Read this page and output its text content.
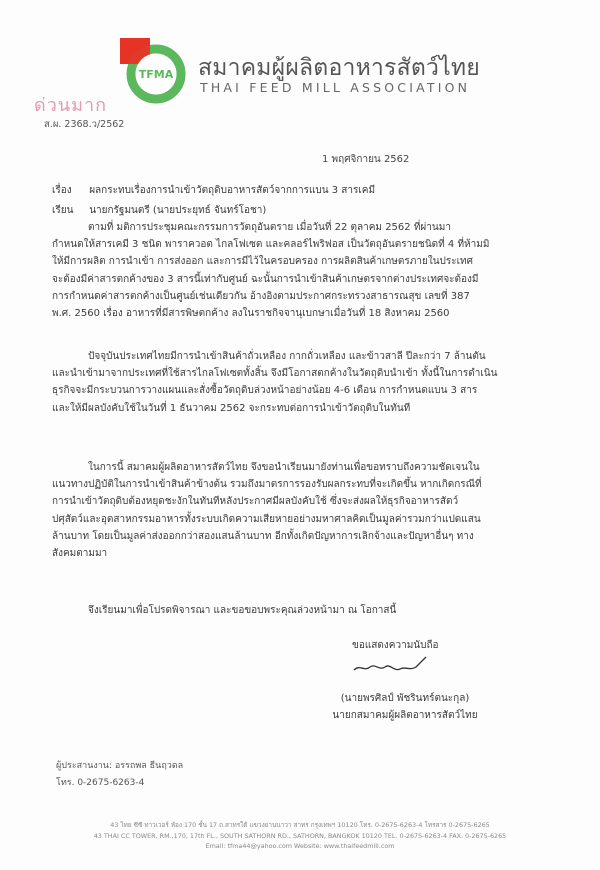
TFMA สมาคมผู้ผลิตอาหารสัตว์ไทย
THAI FEED MILL ASSOCIATION
ด่วนมาก
ส.ผ. 2368.ว/2562
1 พฤศจิกายน 2562
เรื่อง ผลกระทบเรื่องการนำเข้าวัตถุดิบอาหารสัตว์จากการแบน 3 สารเคมี
เรียน นายกรัฐมนตรี (นายประยุทธ์ จันทร์โอชา)
ตามที่ มติการประชุมคณะกรรมการวัตถุอันตราย เมื่อวันที่ 22 ตุลาคม 2562 ที่ผ่านมา
กำหนดให้สารเคมี 3 ชนิด พาราควอต ไกลโฟเซต และคลอร์ไพริฟอส เป็นวัตถุอันตรายชนิดที่ 4 ที่ห้ามมิ
ให้มีการผลิต การนำเข้า การส่งออก และการมีไว้ในครอบครอง การผลิตสินค้าเกษตรภายในประเทศ
จะต้องมีค่าสารตกค้างของ 3 สารนี้เท่ากับศูนย์ ฉะนั้นการนำเข้าสินค้าเกษตรจากต่างประเทศจะต้องมี
การกำหนดค่าสารตกค้างเป็นศูนย์เช่นเดียวกัน อ้างอิงตามประกาศกระทรวงสาธารณสุข เลขที่ 387
พ.ศ. 2560 เรื่อง อาหารที่มีสารพิษตกค้าง ลงในราชกิจจานุเบกษาเมื่อวันที่ 18 สิงหาคม 2560
ปัจจุบันประเทศไทยมีการนำเข้าสินค้าถั่วเหลือง กากถั่วเหลือง และข้าวสาลี ปีละกว่า 7 ล้านตัน
และนำเข้ามาจากประเทศที่ใช้สารไกลโฟเซตทั้งสิ้น จึงมีโอกาสตกค้างในวัตถุดิบนำเข้า ทั้งนี้ในการดำเนิน
ธุรกิจจะมีกระบวนการวางแผนและสั่งซื้อวัตถุดิบล่วงหน้าอย่างน้อย 4-6 เดือน การกำหนดแบน 3 สาร
และให้มีผลบังคับใช้ในวันที่ 1 ธันวาคม 2562 จะกระทบต่อการนำเข้าวัตถุดิบในทันที
ในการนี้ สมาคมผู้ผลิตอาหารสัตว์ไทย จึงขอนำเรียนมายังท่านเพื่อขอทราบถึงความชัดเจนใน
แนวทางปฏิบัติในการนำเข้าสินค้าข้างต้น รวมถึงมาตรการรองรับผลกระทบที่จะเกิดขึ้น หากเกิดกรณีที่
การนำเข้าวัตถุดิบต้องหยุดชะงักในทันทีหลังประกาศมีผลบังคับใช้ ซึ่งจะส่งผลให้ธุรกิจอาหารสัตว์
ปศุสัตว์และอุตสาหกรรมอาหารทั้งระบบเกิดความเสียหายอย่างมหาศาลคิดเป็นมูลค่ารวมกว่าแปดแสน
ล้านบาท โดยเป็นมูลค่าส่งออกกว่าสองแสนล้านบาท อีกทั้งเกิดปัญหาการเลิกจ้างและปัญหาอื่นๆ ทาง
สังคมตามมา
จึงเรียนมาเพื่อโปรดพิจารณา และขอขอบพระคุณล่วงหน้ามา ณ โอกาสนี้
ขอแสดงความนับถือ
(นายพรศิลป์ พัชรินทร์ตนะกุล)
นายกสมาคมผู้ผลิตอาหารสัตว์ไทย
ผู้ประสานงาน: อรรถพล ธีนฤวดล
โทร. 0-2675-6263-4
43 ไทย ซีซี ทาวเวอร์ ห้อง 170 ชั้น 17 ถ.สาทรใต้ แขวงยานนาวา สาทร กรุงเทพฯ 10120 โทร. 0-2675-6263-4 โทรสาร 0-2675-6265
43 THAI CC TOWER, RM.,170, 17th FL., SOUTH SATHORN RD., SATHORN, BANGKOK 10120 TEL. 0-2675-6263-4 FAX. 0-2675-6265
Email: tfma44@yahoo.com Website: www.thaifeedmill.com
